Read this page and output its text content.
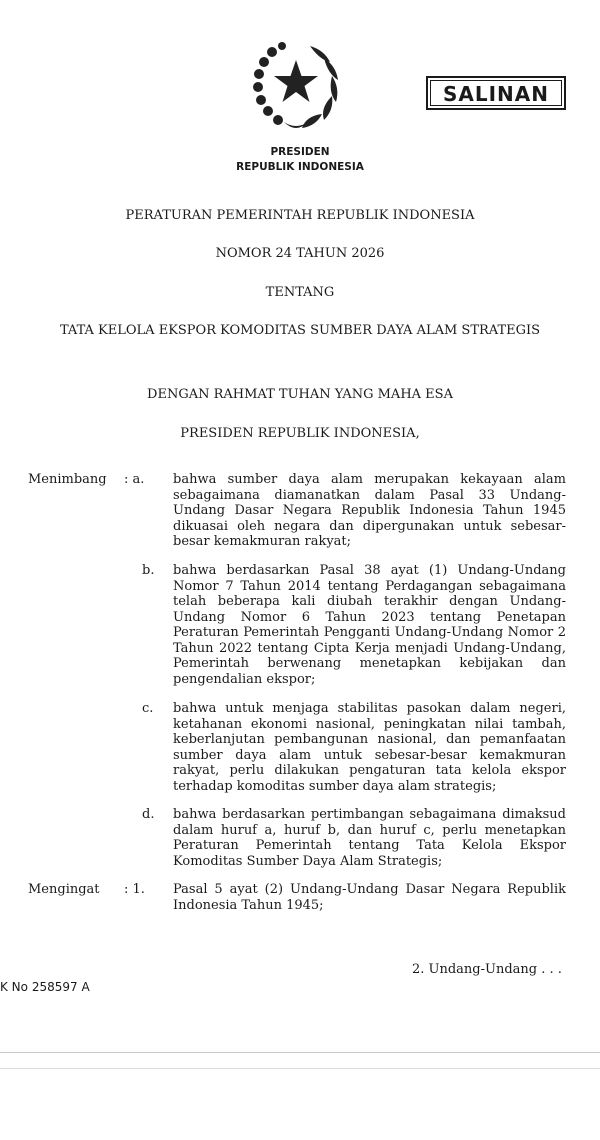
SALINAN
PRESIDEN
REPUBLIK INDONESIA
PERATURAN PEMERINTAH REPUBLIK INDONESIA
NOMOR 24 TAHUN 2026
TENTANG
TATA KELOLA EKSPOR KOMODITAS SUMBER DAYA ALAM STRATEGIS
DENGAN RAHMAT TUHAN YANG MAHA ESA
PRESIDEN REPUBLIK INDONESIA,
Menimbang : a. bahwa sumber daya alam merupakan kekayaan alam sebagaimana diamanatkan dalam Pasal 33 Undang-Undang Dasar Negara Republik Indonesia Tahun 1945 dikuasai oleh negara dan dipergunakan untuk sebesar-besar kemakmuran rakyat;

b. bahwa berdasarkan Pasal 38 ayat (1) Undang-Undang Nomor 7 Tahun 2014 tentang Perdagangan sebagaimana telah beberapa kali diubah terakhir dengan Undang-Undang Nomor 6 Tahun 2023 tentang Penetapan Peraturan Pemerintah Pengganti Undang-Undang Nomor 2 Tahun 2022 tentang Cipta Kerja menjadi Undang-Undang, Pemerintah berwenang menetapkan kebijakan dan pengendalian ekspor;

c. bahwa untuk menjaga stabilitas pasokan dalam negeri, ketahanan ekonomi nasional, peningkatan nilai tambah, keberlanjutan pembangunan nasional, dan pemanfaatan sumber daya alam untuk sebesar-besar kemakmuran rakyat, perlu dilakukan pengaturan tata kelola ekspor terhadap komoditas sumber daya alam strategis;

d. bahwa berdasarkan pertimbangan sebagaimana dimaksud dalam huruf a, huruf b, dan huruf c, perlu menetapkan Peraturan Pemerintah tentang Tata Kelola Ekspor Komoditas Sumber Daya Alam Strategis;

Mengingat : 1. Pasal 5 ayat (2) Undang-Undang Dasar Negara Republik Indonesia Tahun 1945;

2. Undang-Undang . . .
K No 258597 A
